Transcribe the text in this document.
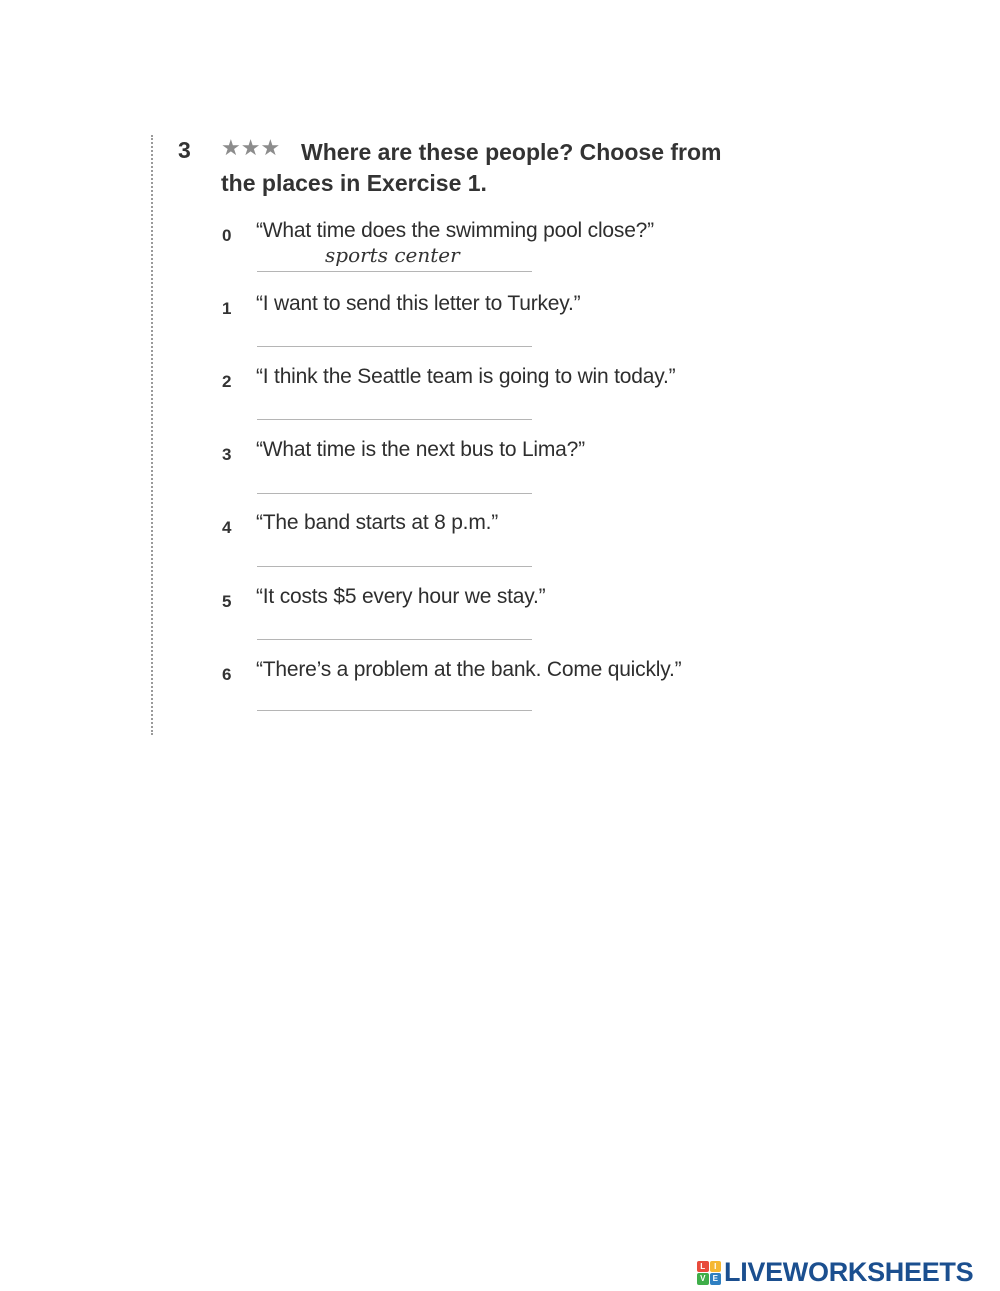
3 ★★★ Where are these people? Choose from the places in Exercise 1.
0 “What time does the swimming pool close?”
sports center
1 “I want to send this letter to Turkey.”
2 “I think the Seattle team is going to win today.”
3 “What time is the next bus to Lima?”
4 “The band starts at 8 p.m.”
5 “It costs $5 every hour we stay.”
6 “There’s a problem at the bank. Come quickly.”
L	I
V E LIVEWORKSHEETS
